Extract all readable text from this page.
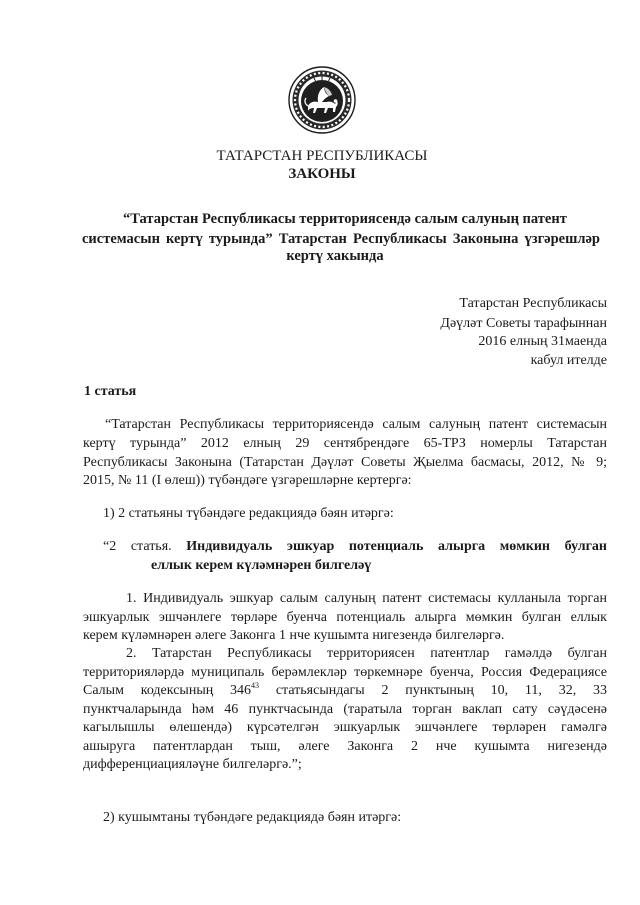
ТАТАРСТАН РЕСПУБЛИКАСЫ
ЗАКОНЫ
“Татарстан Республикасы территориясендә салым салуның патент
системасын кертү турында” Татарстан Республикасы Законына үзгәрешләр
кертү хакында
Татарстан Республикасы
Дәүләт Советы тарафыннан
2016 елның 31маенда
кабул ителде
1 статья
“Татарстан Республикасы территориясендә салым салуның патент системасын
кертү турында” 2012 елның 29 сентябрендәге 65-ТРЗ номерлы Татарстан
Республикасы Законына (Татарстан Дәүләт Советы Җыелма басмасы, 2012, № 9;
2015, № 11 (I өлеш)) түбәндәге үзгәрешләрне кертергә:
1) 2 статьяны түбәндәге редакциядә бәян итәргә:
“2 статья. Индивидуаль эшкуар потенциаль алырга мөмкин булган
еллык керем күләмнәрен билгеләү
1. Индивидуаль эшкуар салым салуның патент системасы кулланыла торган
эшкуарлык эшчәнлеге төрләре буенча потенциаль алырга мөмкин булган еллык
керем күләмнәрен әлеге Законга 1 нче кушымта нигезендә билгеләргә.
2. Татарстан Республикасы территориясен патентлар гамәлдә булган
территорияләрдә муниципаль берәмлекләр төркемнәре буенча, Россия Федерациясе
Салым кодексының $346^{43}$ статьясындагы 2 пунктының 10, 11, 32, 33
пунктчаларында һәм 46 пунктчасында (таратыла торган ваклап сату сәүдәсенә
кагылышлы өлешендә) күрсәтелгән эшкуарлык эшчәнлеге төрләрен гамәлгә
ашыруга патентлардан тыш, әлеге Законга 2 нче кушымта нигезендә
дифференциацияләүне билгеләргә.”;
2) кушымтаны түбәндәге редакциядә бәян итәргә:
